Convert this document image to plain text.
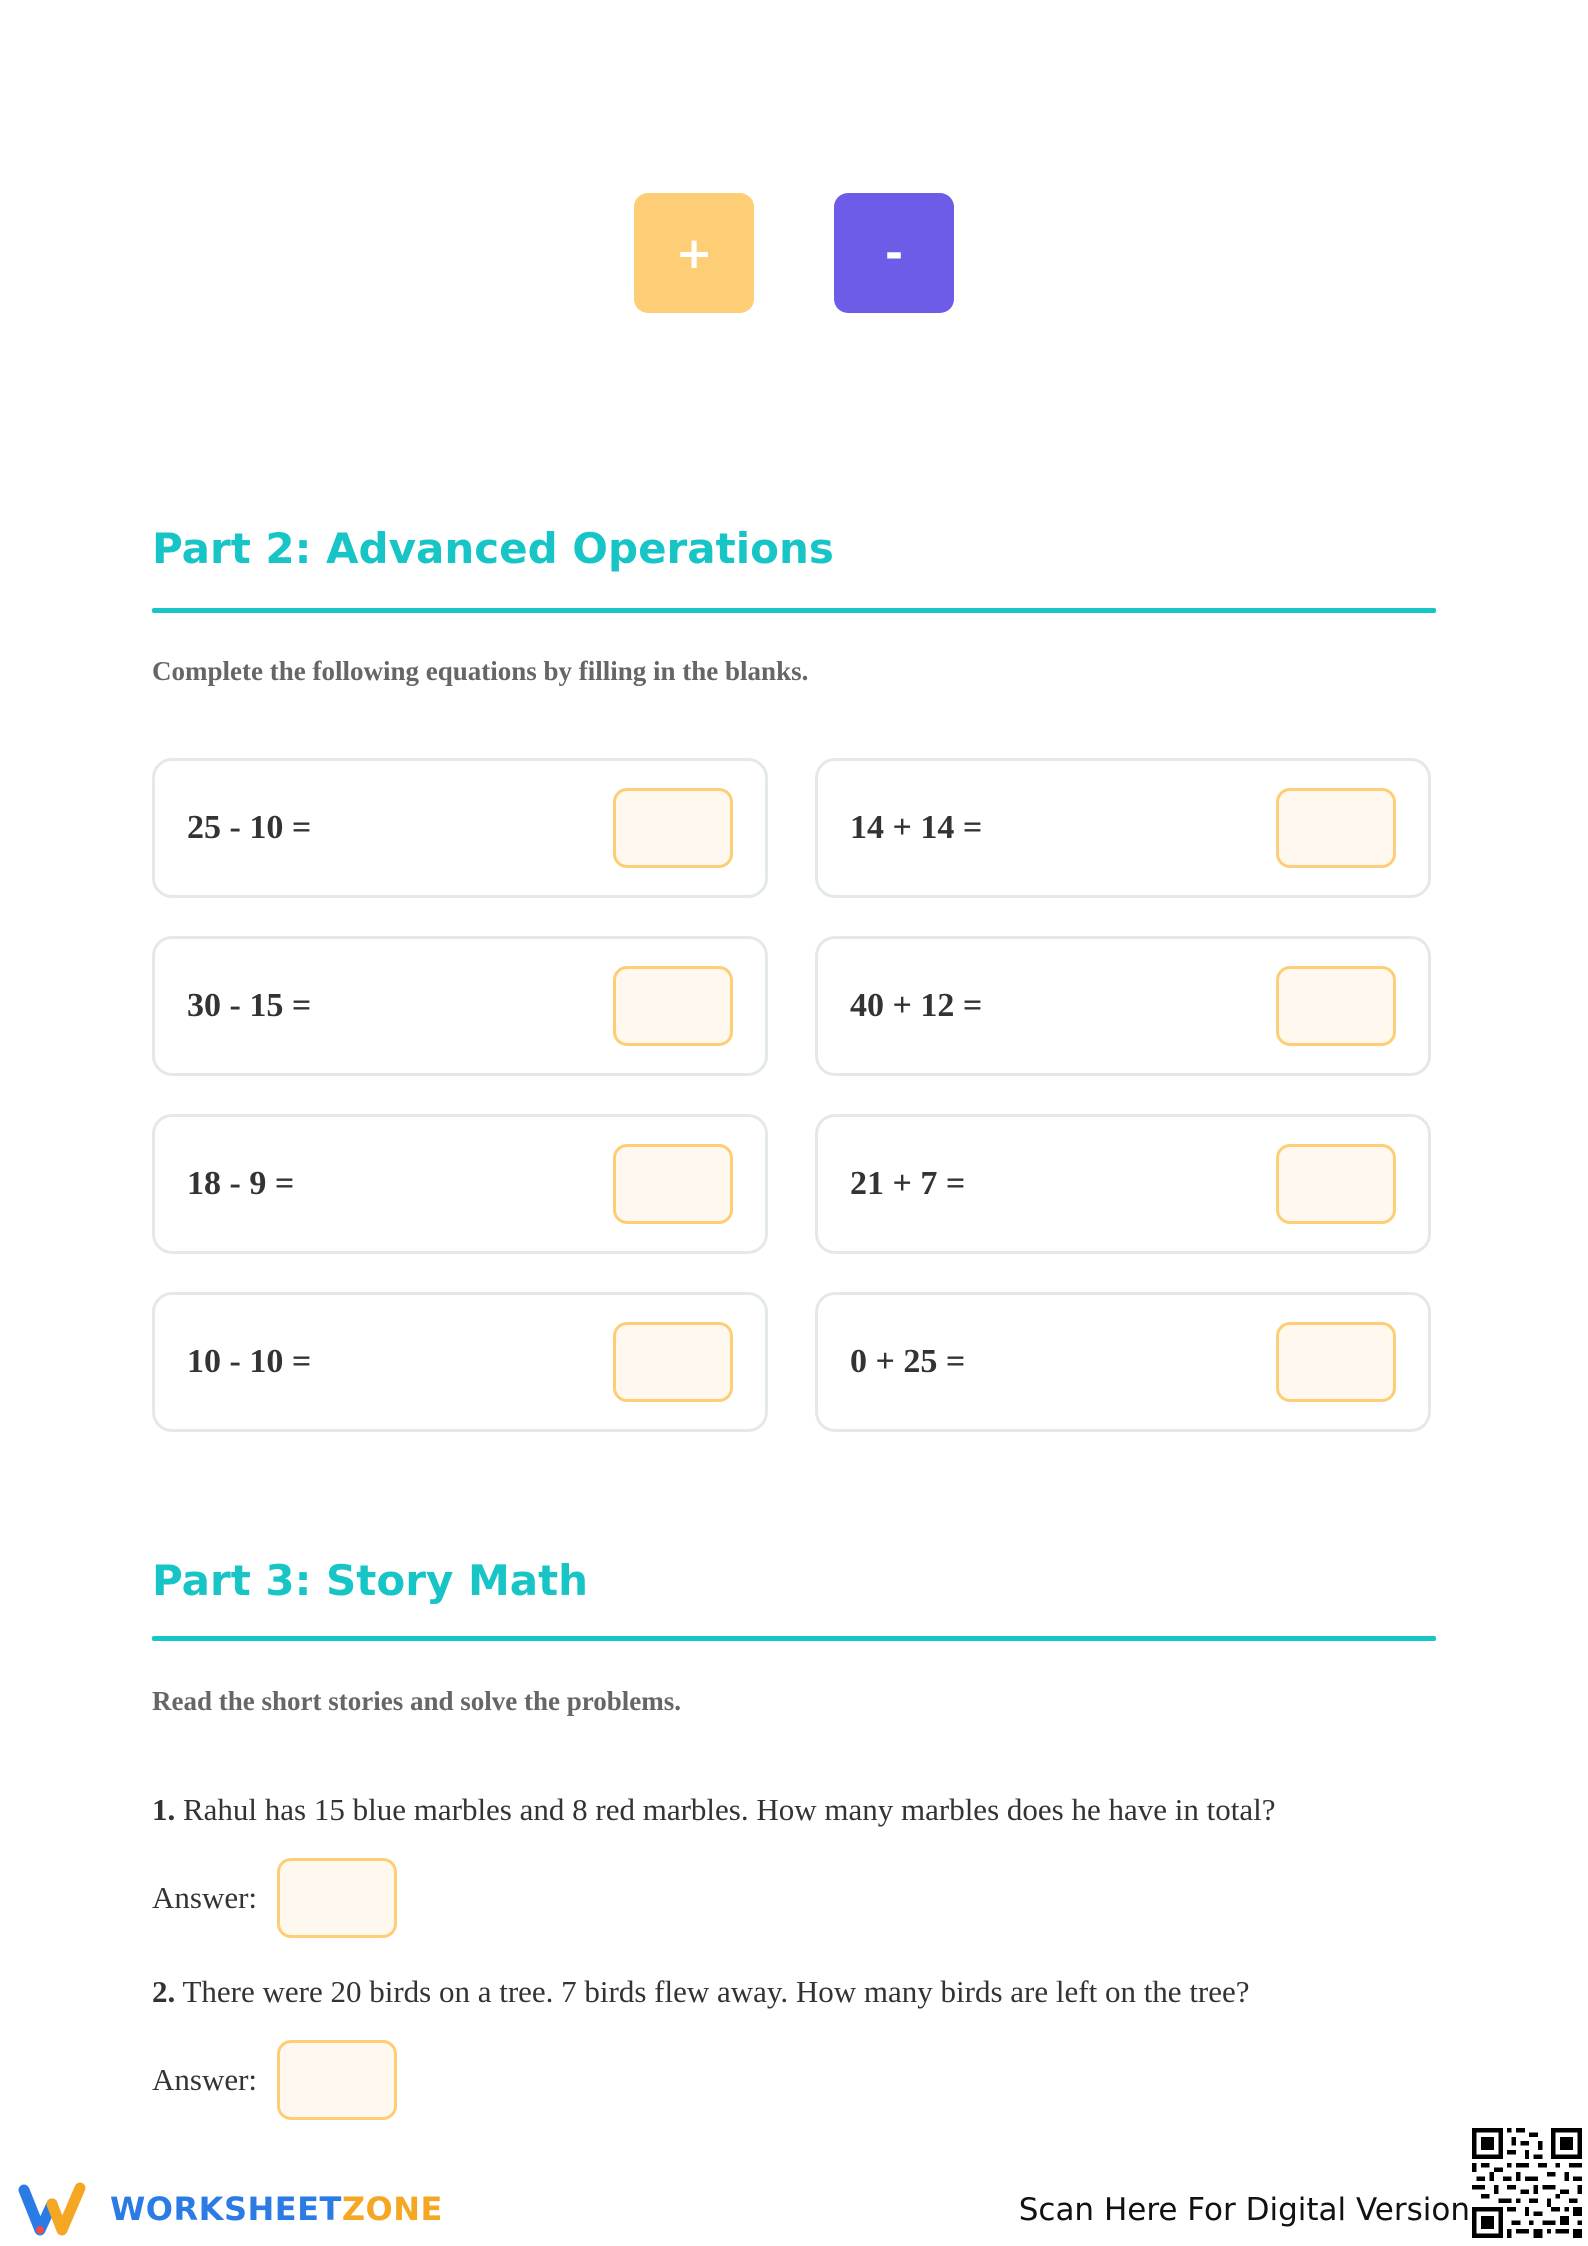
+	-
Part 2: Advanced Operations

Complete the following equations by filling in the blanks.

25 - 10 =	14 + 14 =
30 - 15 =	40 + 12 =
18 - 9 =	21 + 7 =
10 - 10 =	0 + 25 =
Part 3: Story Math

Read the short stories and solve the problems.

1. Rahul has 15 blue marbles and 8 red marbles. How many marbles does he have in total?

Answer:

2. There were 20 birds on a tree. 7 birds flew away. How many birds are left on the tree?

Answer:
WORKSHEETZONE	Scan Here For Digital Version
